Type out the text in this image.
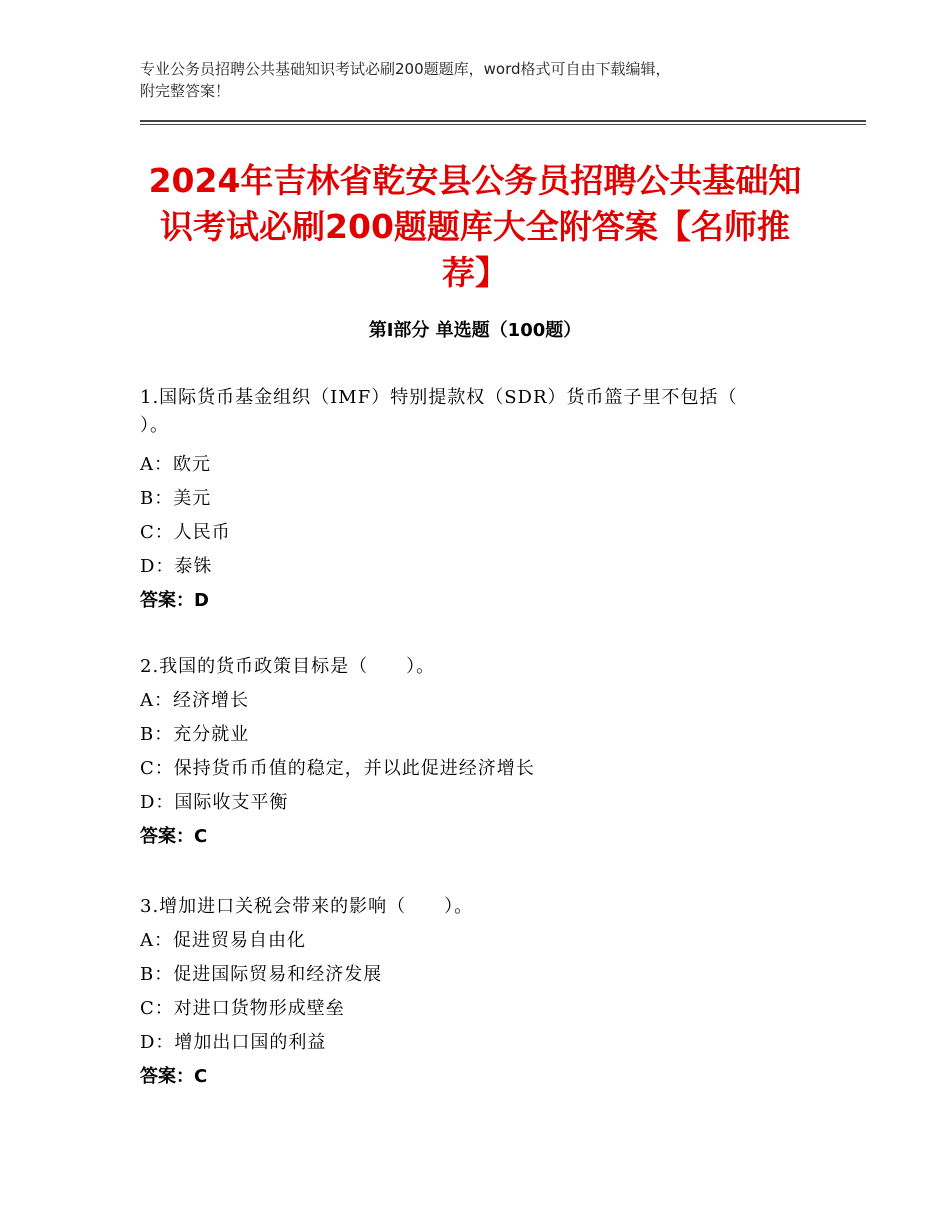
专业公务员招聘公共基础知识考试必刷200题题库，word格式可自由下载编辑，
附完整答案！
2024年吉林省乾安县公务员招聘公共基础知
识考试必刷200题题库大全附答案【名师推
荐】
第Ⅰ部分 单选题（100题）
1.国际货币基金组织（IMF）特别提款权（SDR）货币篮子里不包括（
）。
A：欧元
B：美元
C：人民币
D：泰铢
答案：D
2.我国的货币政策目标是（　　）。
A：经济增长
B：充分就业
C：保持货币币值的稳定，并以此促进经济增长
D：国际收支平衡
答案：C
3.增加进口关税会带来的影响（　　）。
A：促进贸易自由化
B：促进国际贸易和经济发展
C：对进口货物形成壁垒
D：增加出口国的利益
答案：C
